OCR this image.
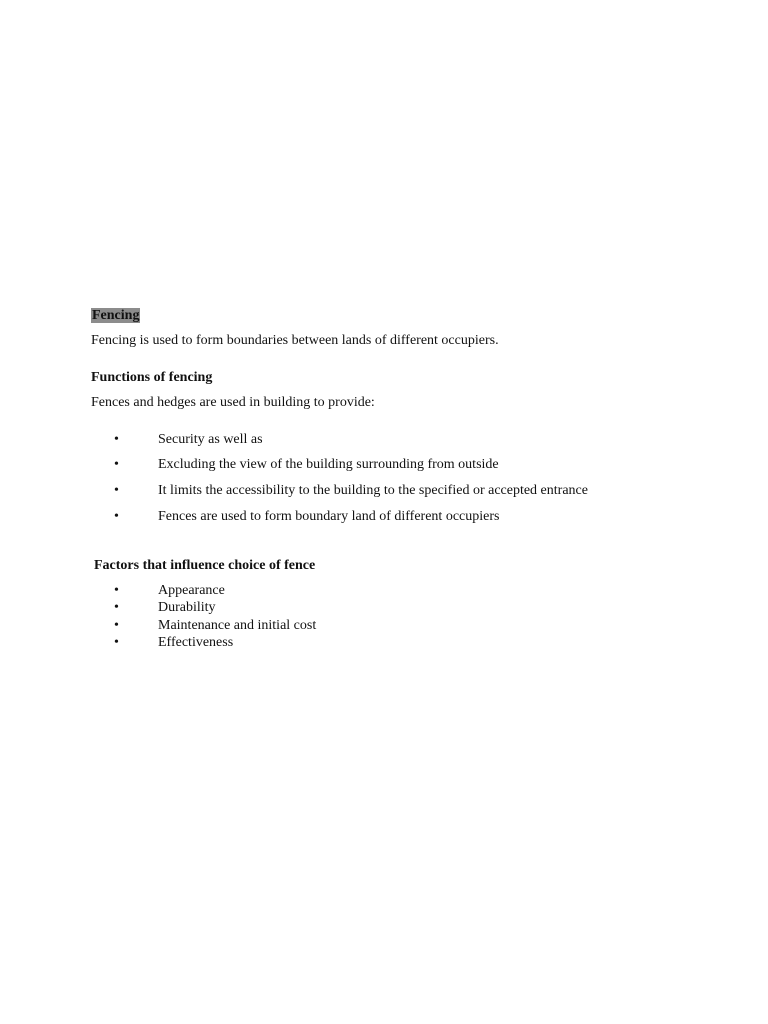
Fencing
Fencing is used to form boundaries between lands of different occupiers.
Functions of fencing
Fences and hedges are used in building to provide:
•	Security as well as
•	Excluding the view of the building surrounding from outside
•	It limits the accessibility to the building to the specified or accepted entrance
•	Fences are used to form boundary land of different occupiers
Factors that influence choice of fence
•	Appearance
•	Durability
•	Maintenance and initial cost
•	Effectiveness
